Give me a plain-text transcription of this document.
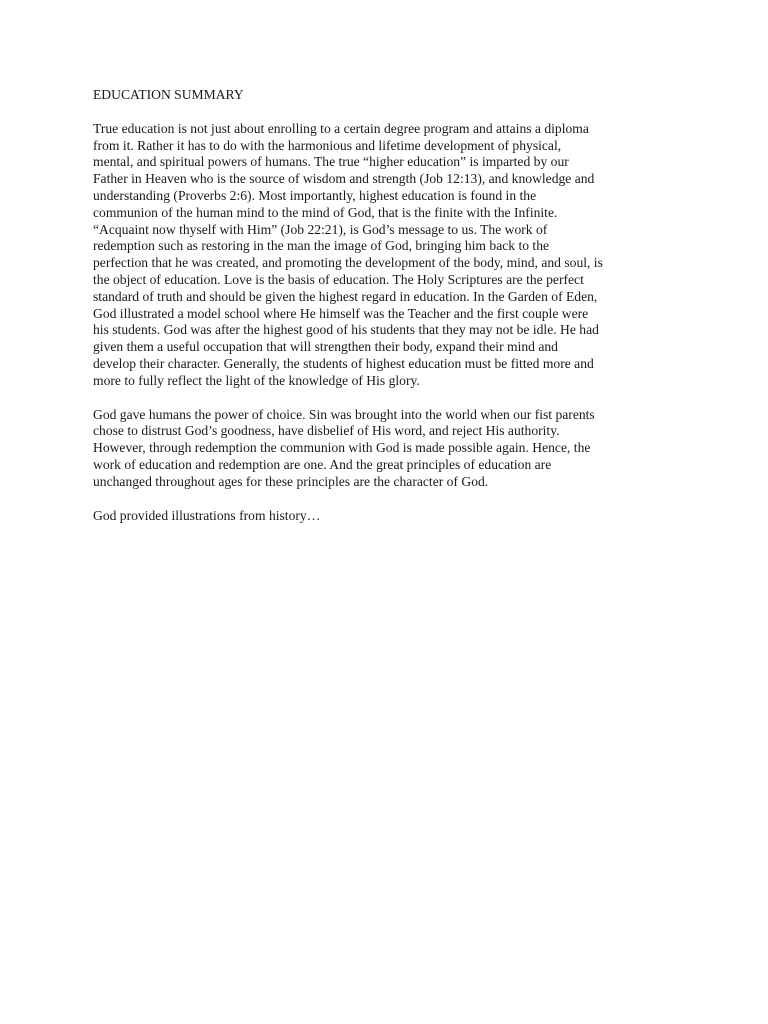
EDUCATION SUMMARY
True education is not just about enrolling to a certain degree program and attains a diploma
from it. Rather it has to do with the harmonious and lifetime development of physical,
mental, and spiritual powers of humans. The true “higher education” is imparted by our
Father in Heaven who is the source of wisdom and strength (Job 12:13), and knowledge and
understanding (Proverbs 2:6). Most importantly, highest education is found in the
communion of the human mind to the mind of God, that is the finite with the Infinite.
“Acquaint now thyself with Him” (Job 22:21), is God’s message to us. The work of
redemption such as restoring in the man the image of God, bringing him back to the
perfection that he was created, and promoting the development of the body, mind, and soul, is
the object of education. Love is the basis of education. The Holy Scriptures are the perfect
standard of truth and should be given the highest regard in education. In the Garden of Eden,
God illustrated a model school where He himself was the Teacher and the first couple were
his students. God was after the highest good of his students that they may not be idle. He had
given them a useful occupation that will strengthen their body, expand their mind and
develop their character. Generally, the students of highest education must be fitted more and
more to fully reflect the light of the knowledge of His glory.
God gave humans the power of choice. Sin was brought into the world when our fist parents
chose to distrust God’s goodness, have disbelief of His word, and reject His authority.
However, through redemption the communion with God is made possible again. Hence, the
work of education and redemption are one. And the great principles of education are
unchanged throughout ages for these principles are the character of God.
God provided illustrations from history…
